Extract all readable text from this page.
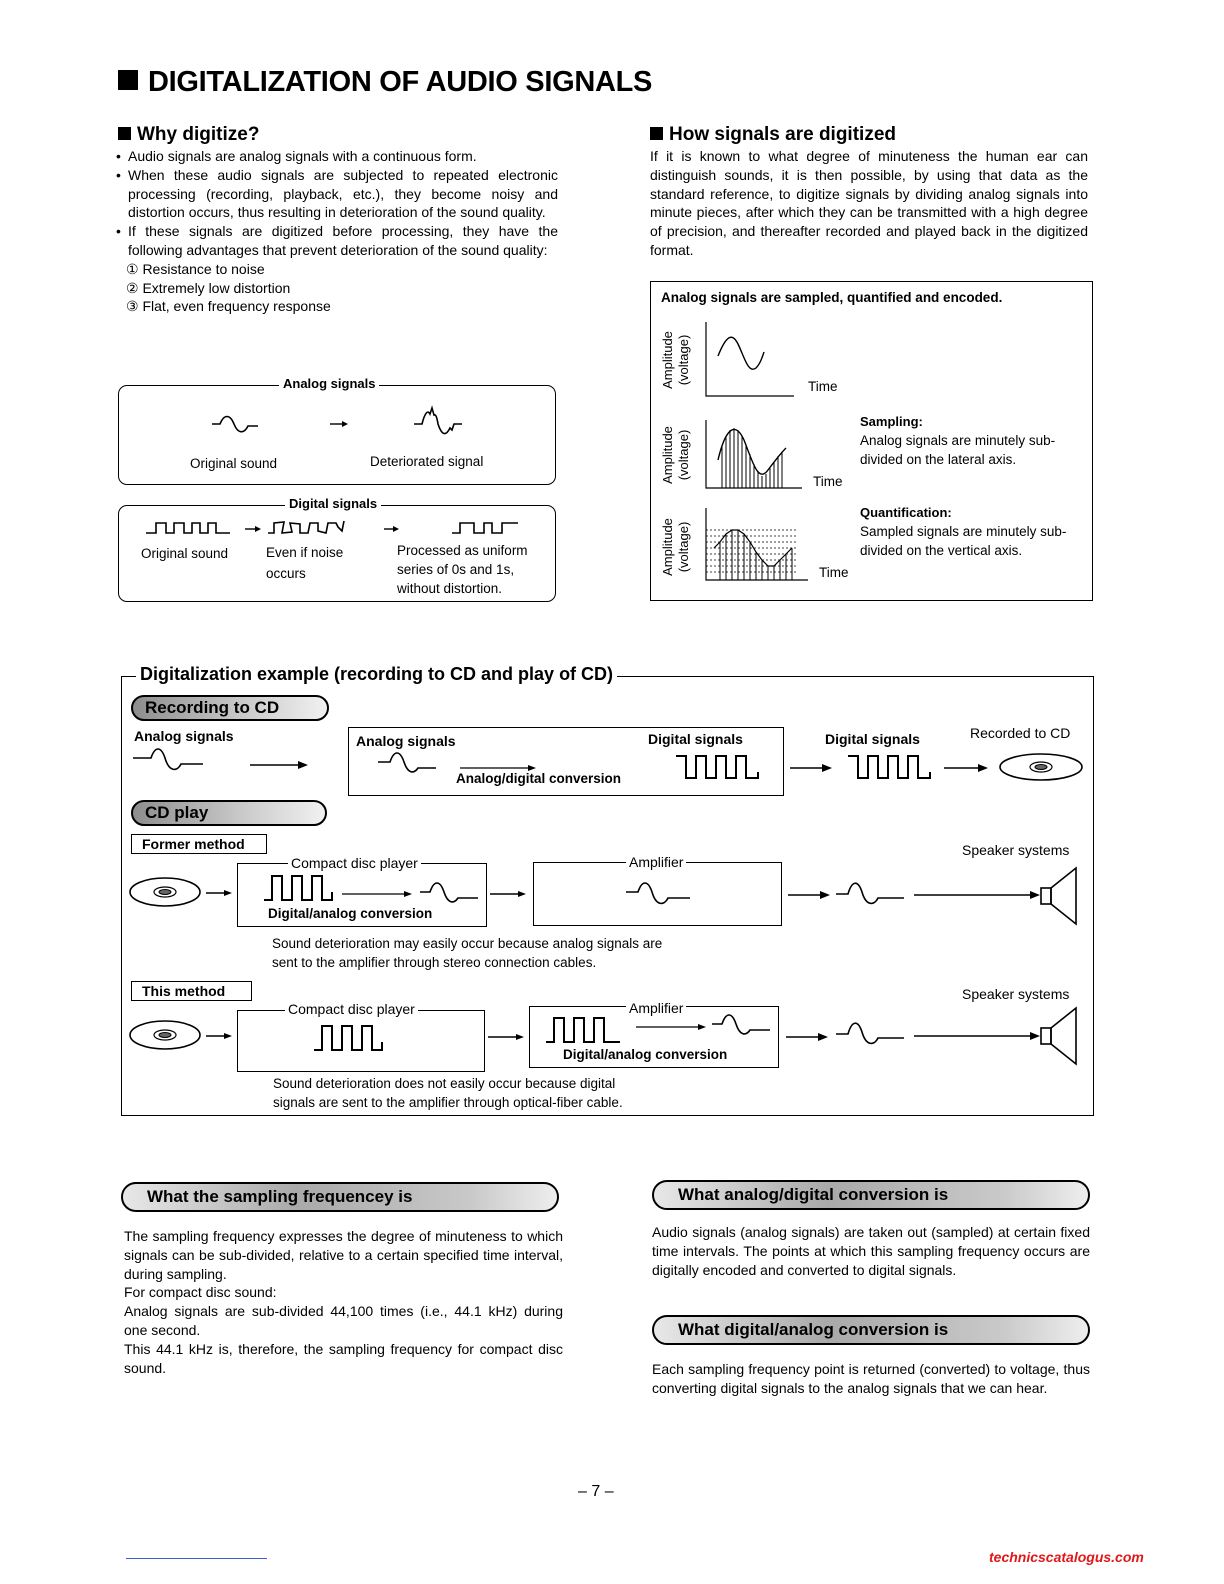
DIGITALIZATION OF AUDIO SIGNALS
Why digitize?
• Audio signals are analog signals with a continuous form.
• When these audio signals are subjected to repeated electronic processing (recording, playback, etc.), they become noisy and distortion occurs, thus resulting in deterioration of the sound quality.
• If these signals are digitized before processing, they have the following advantages that prevent deterioration of the sound quality:
① Resistance to noise
② Extremely low distortion
③ Flat, even frequency response
Analog signals
Original sound	Deteriorated signal
Digital signals
Original sound	Even if noise
occurs
Processed as uniform
series of 0s and 1s,
without distortion.
How signals are digitized
If it is known to what degree of minuteness the human ear can distinguish sounds, it is then possible, by using that data as the standard reference, to digitize signals by dividing analog signals into minute pieces, after which they can be transmitted with a high degree of precision, and thereafter recorded and played back in the digitized format.
Analog signals are sampled, quantified and encoded.
Amplitude (voltage)
Time
Amplitude (voltage)
Time
Sampling:
Analog signals are minutely sub-divided on the lateral axis.
Amplitude (voltage)
Time
Quantification:
Sampled signals are minutely sub-divided on the vertical axis.
Digitalization example (recording to CD and play of CD)
Recording to CD
Analog signals	Analog signals	Digital signals
Analog/digital conversion
Digital signals	Recorded to CD
CD play
Former method	Speaker systems
Compact disc player
Digital/analog conversion
Amplifier
Sound deterioration may easily occur because analog signals are
sent to the amplifier through stereo connection cables.
This method	Speaker systems
Compact disc player	Amplifier
Digital/analog conversion
Sound deterioration does not easily occur because digital
signals are sent to the amplifier through optical-fiber cable.
What the sampling frequencey is
The sampling frequency expresses the degree of minuteness to which signals can be sub-divided, relative to a certain specified time interval, during sampling.
For compact disc sound:
Analog signals are sub-divided 44,100 times (i.e., 44.1 kHz) during one second.
This 44.1 kHz is, therefore, the sampling frequency for compact disc sound.
What analog/digital conversion is
Audio signals (analog signals) are taken out (sampled) at certain fixed time intervals. The points at which this sampling frequency occurs are digitally encoded and converted to digital signals.
What digital/analog conversion is
Each sampling frequency point is returned (converted) to voltage, thus converting digital signals to the analog signals that we can hear.
– 7 –
technicscatalogus.com
